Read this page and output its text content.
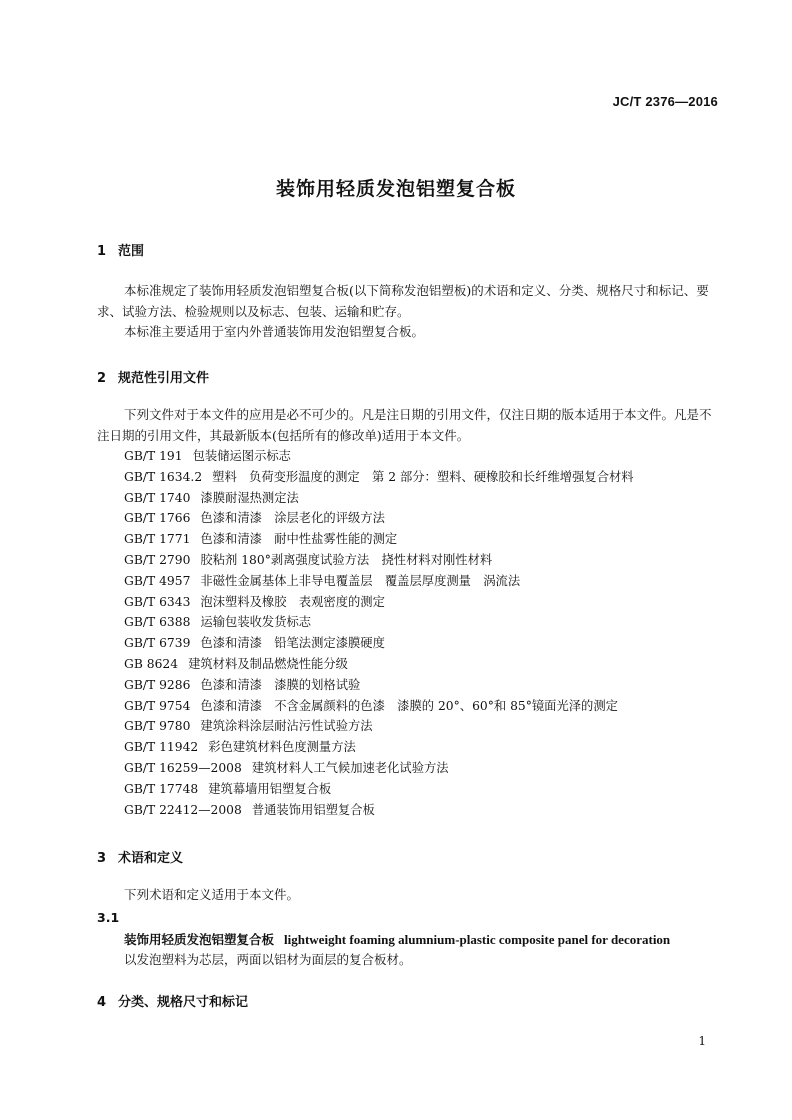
JC/T 2376—2016
装饰用轻质发泡铝塑复合板
1 范围
本标准规定了装饰用轻质发泡铝塑复合板(以下简称发泡铝塑板)的术语和定义、分类、规格尺寸和标记、要求、试验方法、检验规则以及标志、包装、运输和贮存。
本标准主要适用于室内外普通装饰用发泡铝塑复合板。
2 规范性引用文件
下列文件对于本文件的应用是必不可少的。凡是注日期的引用文件，仅注日期的版本适用于本文件。凡是不注日期的引用文件，其最新版本(包括所有的修改单)适用于本文件。
GB/T 191 包装储运图示标志
GB/T 1634.2 塑料　负荷变形温度的测定　第 2 部分：塑料、硬橡胶和长纤维增强复合材料
GB/T 1740 漆膜耐湿热测定法
GB/T 1766 色漆和清漆　涂层老化的评级方法
GB/T 1771 色漆和清漆　耐中性盐雾性能的测定
GB/T 2790 胶粘剂 180°剥离强度试验方法　挠性材料对刚性材料
GB/T 4957 非磁性金属基体上非导电覆盖层　覆盖层厚度测量　涡流法
GB/T 6343 泡沫塑料及橡胶　表观密度的测定
GB/T 6388 运输包装收发货标志
GB/T 6739 色漆和清漆　铅笔法测定漆膜硬度
GB 8624 建筑材料及制品燃烧性能分级
GB/T 9286 色漆和清漆　漆膜的划格试验
GB/T 9754 色漆和清漆　不含金属颜料的色漆　漆膜的 20°、60°和 85°镜面光泽的测定
GB/T 9780 建筑涂料涂层耐沾污性试验方法
GB/T 11942 彩色建筑材料色度测量方法
GB/T 16259—2008 建筑材料人工气候加速老化试验方法
GB/T 17748 建筑幕墙用铝塑复合板
GB/T 22412—2008 普通装饰用铝塑复合板
3 术语和定义
下列术语和定义适用于本文件。
3.1
装饰用轻质发泡铝塑复合板 lightweight foaming alumnium-plastic composite panel for decoration
以发泡塑料为芯层，两面以铝材为面层的复合板材。
4 分类、规格尺寸和标记
1
